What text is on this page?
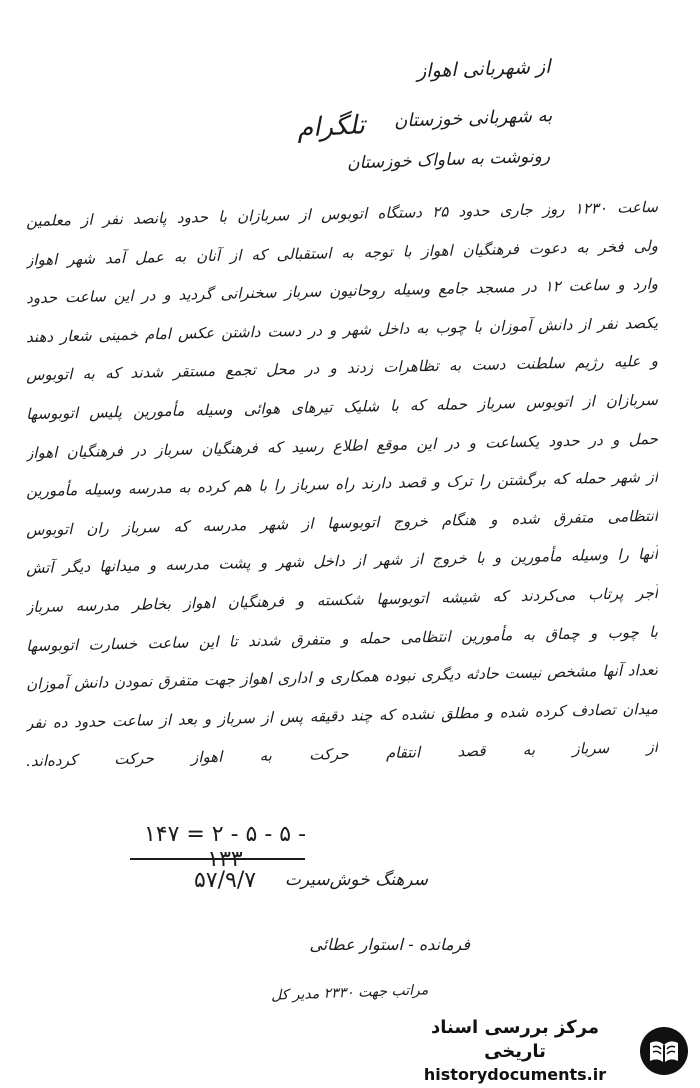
از شهربانی اهواز
تلگرام به شهربانی خوزستان
رونوشت به ساواک خوزستان
ساعت ۱۲۳۰ روز جاری حدود ۲۵ دستگاه اتوبوس از سربازان با حدود پانصد نفر از معلمین
ولی فخر به دعوت فرهنگیان اهواز با توجه به استقبالی که از آنان به عمل آمد شهر اهواز
وارد و ساعت ۱۲ در مسجد جامع وسیله روحانیون سرباز سخنرانی گردید و در این ساعت حدود
یکصد نفر از دانش آموزان با چوب به داخل شهر و در دست داشتن عکس امام خمینی شعار دهند
و علیه رژیم سلطنت دست به تظاهرات زدند و در محل تجمع مستقر شدند که به اتوبوس
سربازان از اتوبوس سرباز حمله که با شلیک تیرهای هوائی وسیله مأمورین پلیس اتوبوسها
حمل و در حدود یکساعت و در این موقع اطلاع رسید که فرهنگیان سرباز در فرهنگیان اهواز
از شهر حمله که برگشتن را ترک و قصد دارند راه سرباز را با هم کرده به مدرسه وسیله مأمورین
انتظامی متفرق شده و هنگام خروج اتوبوسها از شهر مدرسه که سرباز ران اتوبوس
آنها را وسیله مأمورین و با خروج از شهر از داخل شهر و پشت مدرسه و میدانها دیگر آتش
آجر پرتاب می‌کردند که شیشه اتوبوسها شکسته و فرهنگیان اهواز بخاطر مدرسه سرباز
با چوب و چماق به مأمورین انتظامی حمله و متفرق شدند تا این ساعت خسارت اتوبوسها
تعداد آنها مشخص نیست حادثه دیگری نبوده همکاری و اداری اهواز جهت متفرق نمودن دانش آموزان
میدان تصادف کرده شده و مطلق نشده که چند دقیقه پس از سرباز و بعد از ساعت حدود ده نفر
از سرباز به قصد انتقام حرکت به اهواز حرکت کرده‌اند.
۱۴۷ = ۲ - ۵ - ۵ - ۱۳۳
۵۷/۹/۷	سرهنگ خوش‌سیرت
فرمانده - استوار عطائی
مراتب جهت ۲۳۳۰ مدیر کل
مرکز بررسی اسناد تاریخی
historydocuments.ir
